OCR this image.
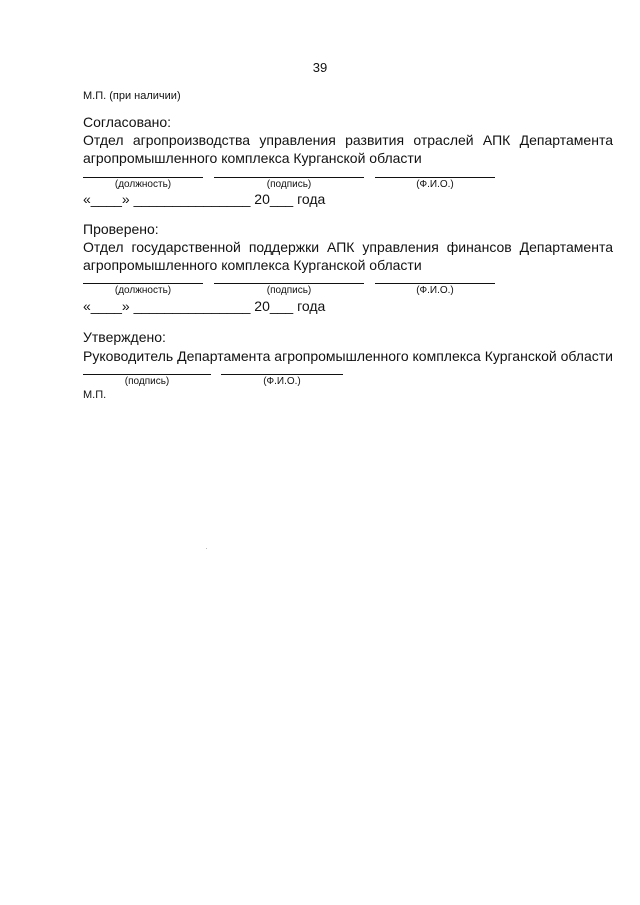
39
М.П. (при наличии)
Согласовано:
Отдел агропроизводства управления развития отраслей АПК Департамента агропромышленного комплекса Курганской области
(должность)	(подпись)	(Ф.И.О.)
«____» _______________ 20___ года
Проверено:
Отдел государственной поддержки АПК управления финансов Департамента агропромышленного комплекса Курганской области
(должность)	(подпись)	(Ф.И.О.)
«____» _______________ 20___ года
Утверждено:
Руководитель Департамента агропромышленного комплекса Курганской области
(подпись)	(Ф.И.О.)
М.П.
